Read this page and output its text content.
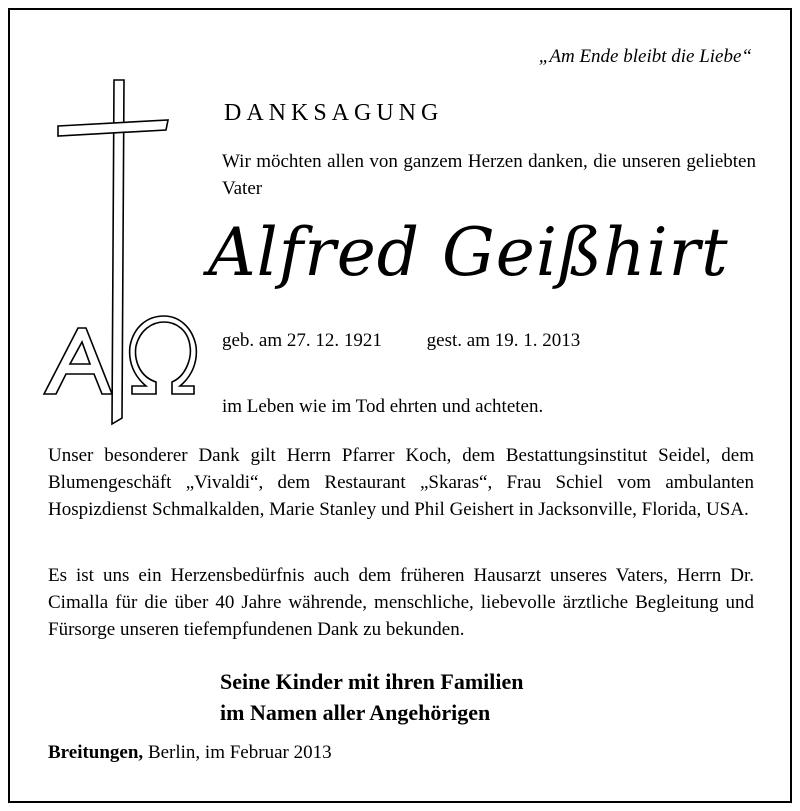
„Am Ende bleibt die Liebe“
DANKSAGUNG
Wir möchten allen von ganzem Herzen danken, die unseren geliebten Vater
Alfred Geißhirt
geb. am 27. 12. 1921 gest. am 19. 1. 2013
im Leben wie im Tod ehrten und achteten.
Unser besonderer Dank gilt Herrn Pfarrer Koch, dem Bestattungsinstitut Seidel, dem Blumengeschäft „Vivaldi“, dem Restaurant „Skaras“, Frau Schiel vom ambulanten Hospizdienst Schmalkalden, Marie Stanley und Phil Geishert in Jacksonville, Florida, USA.
Es ist uns ein Herzensbedürfnis auch dem früheren Hausarzt unseres Vaters, Herrn Dr. Cimalla für die über 40 Jahre währende, menschliche, liebevolle ärztliche Begleitung und Fürsorge unseren tiefempfundenen Dank zu bekunden.
Seine Kinder mit ihren Familien
im Namen aller Angehörigen
Breitungen, Berlin, im Februar 2013
